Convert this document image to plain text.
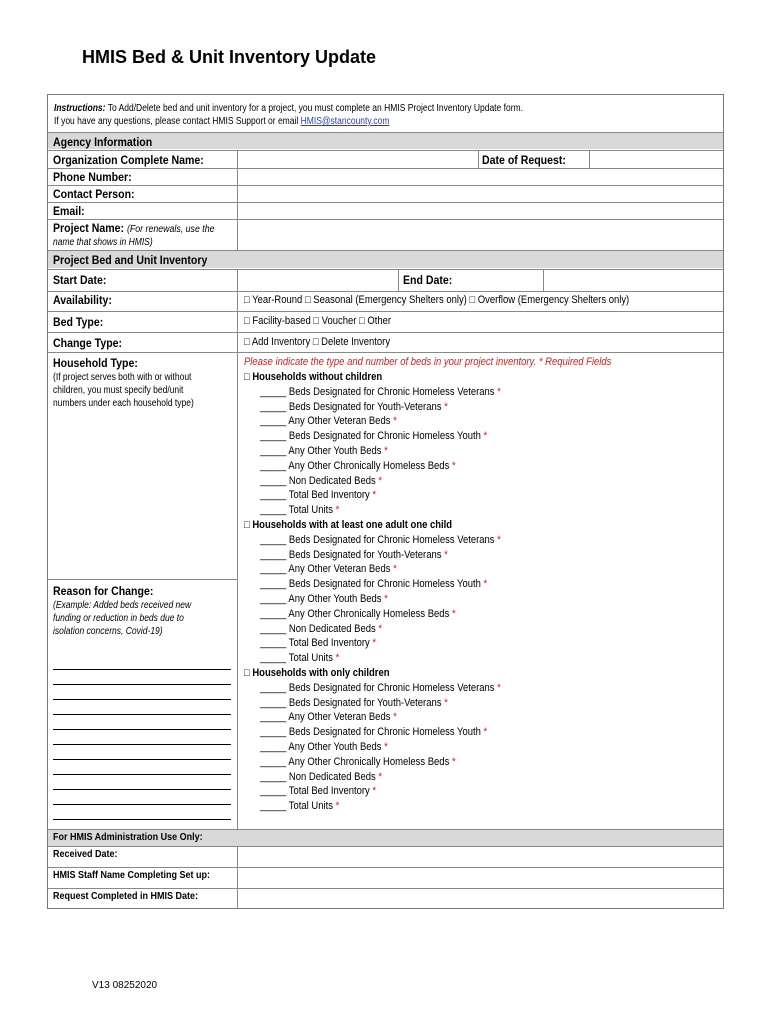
HMIS Bed & Unit Inventory Update
Instructions: To Add/Delete bed and unit inventory for a project, you must complete an HMIS Project Inventory Update form.
If you have any questions, please contact HMIS Support or email HMIS@stancounty.com
Agency Information
Organization Complete Name:	Date of Request:
Phone Number:
Contact Person:
Email:
Project Name: (For renewals, use the
name that shows in HMIS)
Project Bed and Unit Inventory
Start Date:	End Date:
Availability:	□ Year-Round □ Seasonal (Emergency Shelters only) □ Overflow (Emergency Shelters only)
Bed Type:	□ Facility-based □ Voucher □ Other
Change Type:	□ Add Inventory □ Delete Inventory
Household Type:
(If project serves both with or without
children, you must specify bed/unit
numbers under each household type)
Reason for Change:
(Example: Added beds received new
funding or reduction in beds due to
isolation concerns, Covid-19)
Please indicate the type and number of beds in your project inventory. * Required Fields
□ Households without children
_____ Beds Designated for Chronic Homeless Veterans *
_____ Beds Designated for Youth-Veterans *
_____ Any Other Veteran Beds *
_____ Beds Designated for Chronic Homeless Youth *
_____ Any Other Youth Beds *
_____ Any Other Chronically Homeless Beds *
_____ Non Dedicated Beds *
_____ Total Bed Inventory *
_____ Total Units *
□ Households with at least one adult one child
_____ Beds Designated for Chronic Homeless Veterans *
_____ Beds Designated for Youth-Veterans *
_____ Any Other Veteran Beds *
_____ Beds Designated for Chronic Homeless Youth *
_____ Any Other Youth Beds *
_____ Any Other Chronically Homeless Beds *
_____ Non Dedicated Beds *
_____ Total Bed Inventory *
_____ Total Units *
□ Households with only children
_____ Beds Designated for Chronic Homeless Veterans *
_____ Beds Designated for Youth-Veterans *
_____ Any Other Veteran Beds *
_____ Beds Designated for Chronic Homeless Youth *
_____ Any Other Youth Beds *
_____ Any Other Chronically Homeless Beds *
_____ Non Dedicated Beds *
_____ Total Bed Inventory *
_____ Total Units *
For HMIS Administration Use Only:
Received Date:
HMIS Staff Name Completing Set up:
Request Completed in HMIS Date:
V13 08252020
